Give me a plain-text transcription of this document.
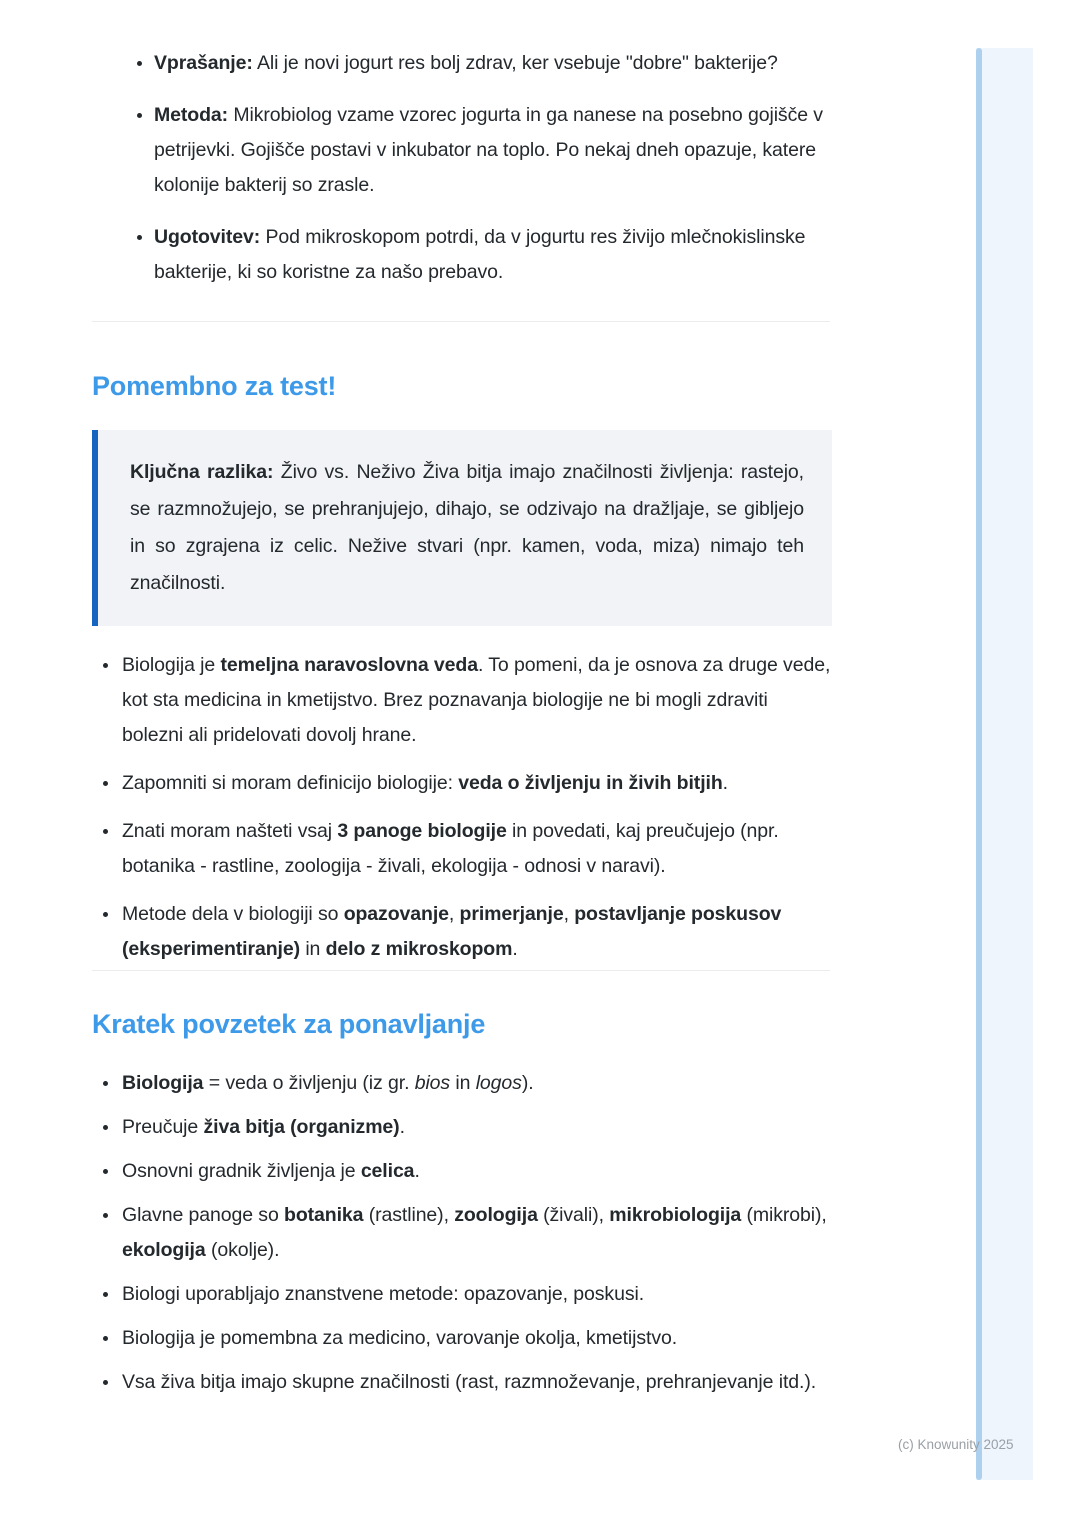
Vprašanje: Ali je novi jogurt res bolj zdrav, ker vsebuje "dobre" bakterije?
Metoda: Mikrobiolog vzame vzorec jogurta in ga nanese na posebno gojišče v petrijevki. Gojišče postavi v inkubator na toplo. Po nekaj dneh opazuje, katere kolonije bakterij so zrasle.
Ugotovitev: Pod mikroskopom potrdi, da v jogurtu res živijo mlečnokislinske bakterije, ki so koristne za našo prebavo.
Pomembno za test!

Ključna razlika: Živo vs. Neživo Živa bitja imajo značilnosti življenja: rastejo, se razmnožujejo, se prehranjujejo, dihajo, se odzivajo na dražljaje, se gibljejo in so zgrajena iz celic. Nežive stvari (npr. kamen, voda, miza) nimajo teh značilnosti.

Biologija je temeljna naravoslovna veda. To pomeni, da je osnova za druge vede, kot sta medicina in kmetijstvo. Brez poznavanja biologije ne bi mogli zdraviti bolezni ali pridelovati dovolj hrane.
Zapomniti si moram definicijo biologije: veda o življenju in živih bitjih.
Znati moram našteti vsaj 3 panoge biologije in povedati, kaj preučujejo (npr. botanika - rastline, zoologija - živali, ekologija - odnosi v naravi).
Metode dela v biologiji so opazovanje, primerjanje, postavljanje poskusov (eksperimentiranje) in delo z mikroskopom.
Kratek povzetek za ponavljanje
Biologija = veda o življenju (iz gr. bios in logos).
Preučuje živa bitja (organizme).
Osnovni gradnik življenja je celica.
Glavne panoge so botanika (rastline), zoologija (živali), mikrobiologija (mikrobi), ekologija (okolje).
Biologi uporabljajo znanstvene metode: opazovanje, poskusi.
Biologija je pomembna za medicino, varovanje okolja, kmetijstvo.
Vsa živa bitja imajo skupne značilnosti (rast, razmnoževanje, prehranjevanje itd.).
(c) Knowunity 2025
